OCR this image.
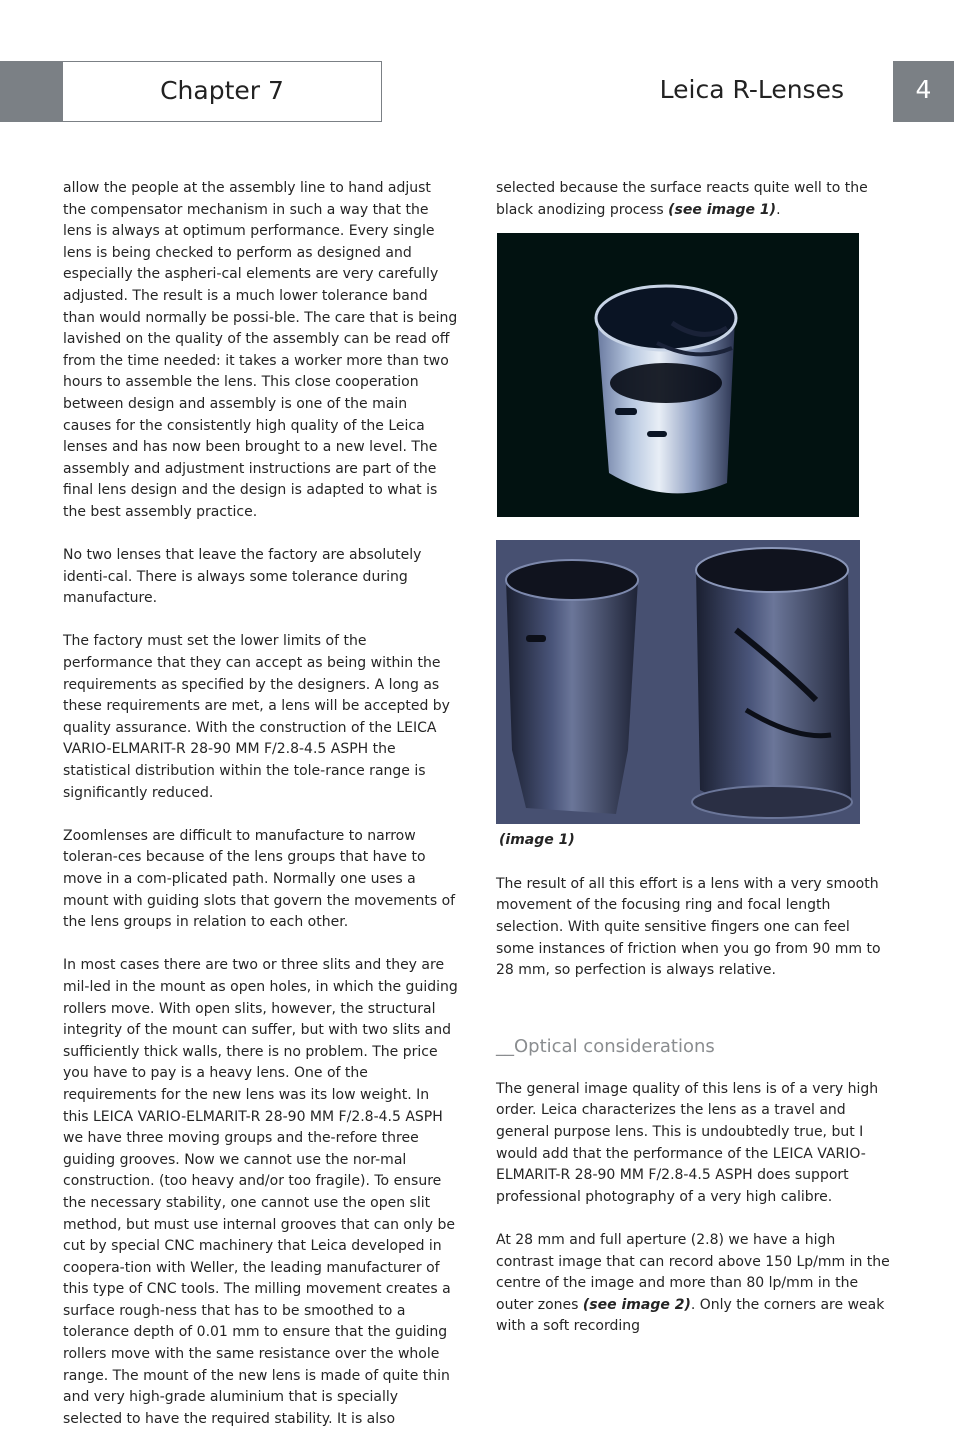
Chapter 7	Leica R-Lenses	4

allow the people at the assembly line to hand adjust the compensator mechanism in such a way that the lens is always at optimum performance. Every single lens is being checked to perform as designed and especially the aspheri-cal elements are very carefully adjusted. The result is a much lower tolerance band than would normally be possi-ble. The care that is being lavished on the quality of the assembly can be read off from the time needed: it takes a worker more than two hours to assemble the lens. This close cooperation between design and assembly is one of the main causes for the consistently high quality of the Leica lenses and has now been brought to a new level. The assembly and adjustment instructions are part of the final lens design and the design is adapted to what is the best assembly practice.

No two lenses that leave the factory are absolutely identi-cal. There is always some tolerance during manufacture.

The factory must set the lower limits of the performance that they can accept as being within the requirements as specified by the designers. A long as these requirements are met, a lens will be accepted by quality assurance. With the construction of the LEICA VARIO-ELMARIT-R 28-90 MM F/2.8-4.5 ASPH the statistical distribution within the tole-rance range is significantly reduced.

Zoomlenses are difficult to manufacture to narrow toleran-ces because of the lens groups that have to move in a com-plicated path. Normally one uses a mount with guiding slots that govern the movements of the lens groups in relation to each other.

In most cases there are two or three slits and they are mil-led in the mount as open holes, in which the guiding rollers move. With open slits, however, the structural integrity of the mount can suffer, but with two slits and sufficiently thick walls, there is no problem. The price you have to pay is a heavy lens. One of the requirements for the new lens was its low weight. In this LEICA VARIO-ELMARIT-R 28-90 MM F/2.8-4.5 ASPH we have three moving groups and the-refore three guiding grooves. Now we cannot use the nor-mal construction. (too heavy and/or too fragile). To ensure the necessary stability, one cannot use the open slit method, but must use internal grooves that can only be cut by special CNC machinery that Leica developed in coopera-tion with Weller, the leading manufacturer of this type of CNC tools. The milling movement creates a surface rough-ness that has to be smoothed to a tolerance depth of 0.01 mm to ensure that the guiding rollers move with the same resistance over the whole range. The mount of the new lens is made of quite thin and very high-grade aluminium that is specially selected to have the required stability. It is also

selected because the surface reacts quite well to the black anodizing process (see image 1).

(image 1)

The result of all this effort is a lens with a very smooth movement of the focusing ring and focal length selection. With quite sensitive fingers one can feel some instances of friction when you go from 90 mm to 28 mm, so perfection is always relative.

__Optical considerations

The general image quality of this lens is of a very high order. Leica characterizes the lens as a travel and general purpose lens. This is undoubtedly true, but I would add that the performance of the LEICA VARIO-ELMARIT-R 28-90 MM F/2.8-4.5 ASPH does support professional photography of a very high calibre.

At 28 mm and full aperture (2.8) we have a high contrast image that can record above 150 Lp/mm in the centre of the image and more than 80 lp/mm in the outer zones (see image 2). Only the corners are weak with a soft recording
